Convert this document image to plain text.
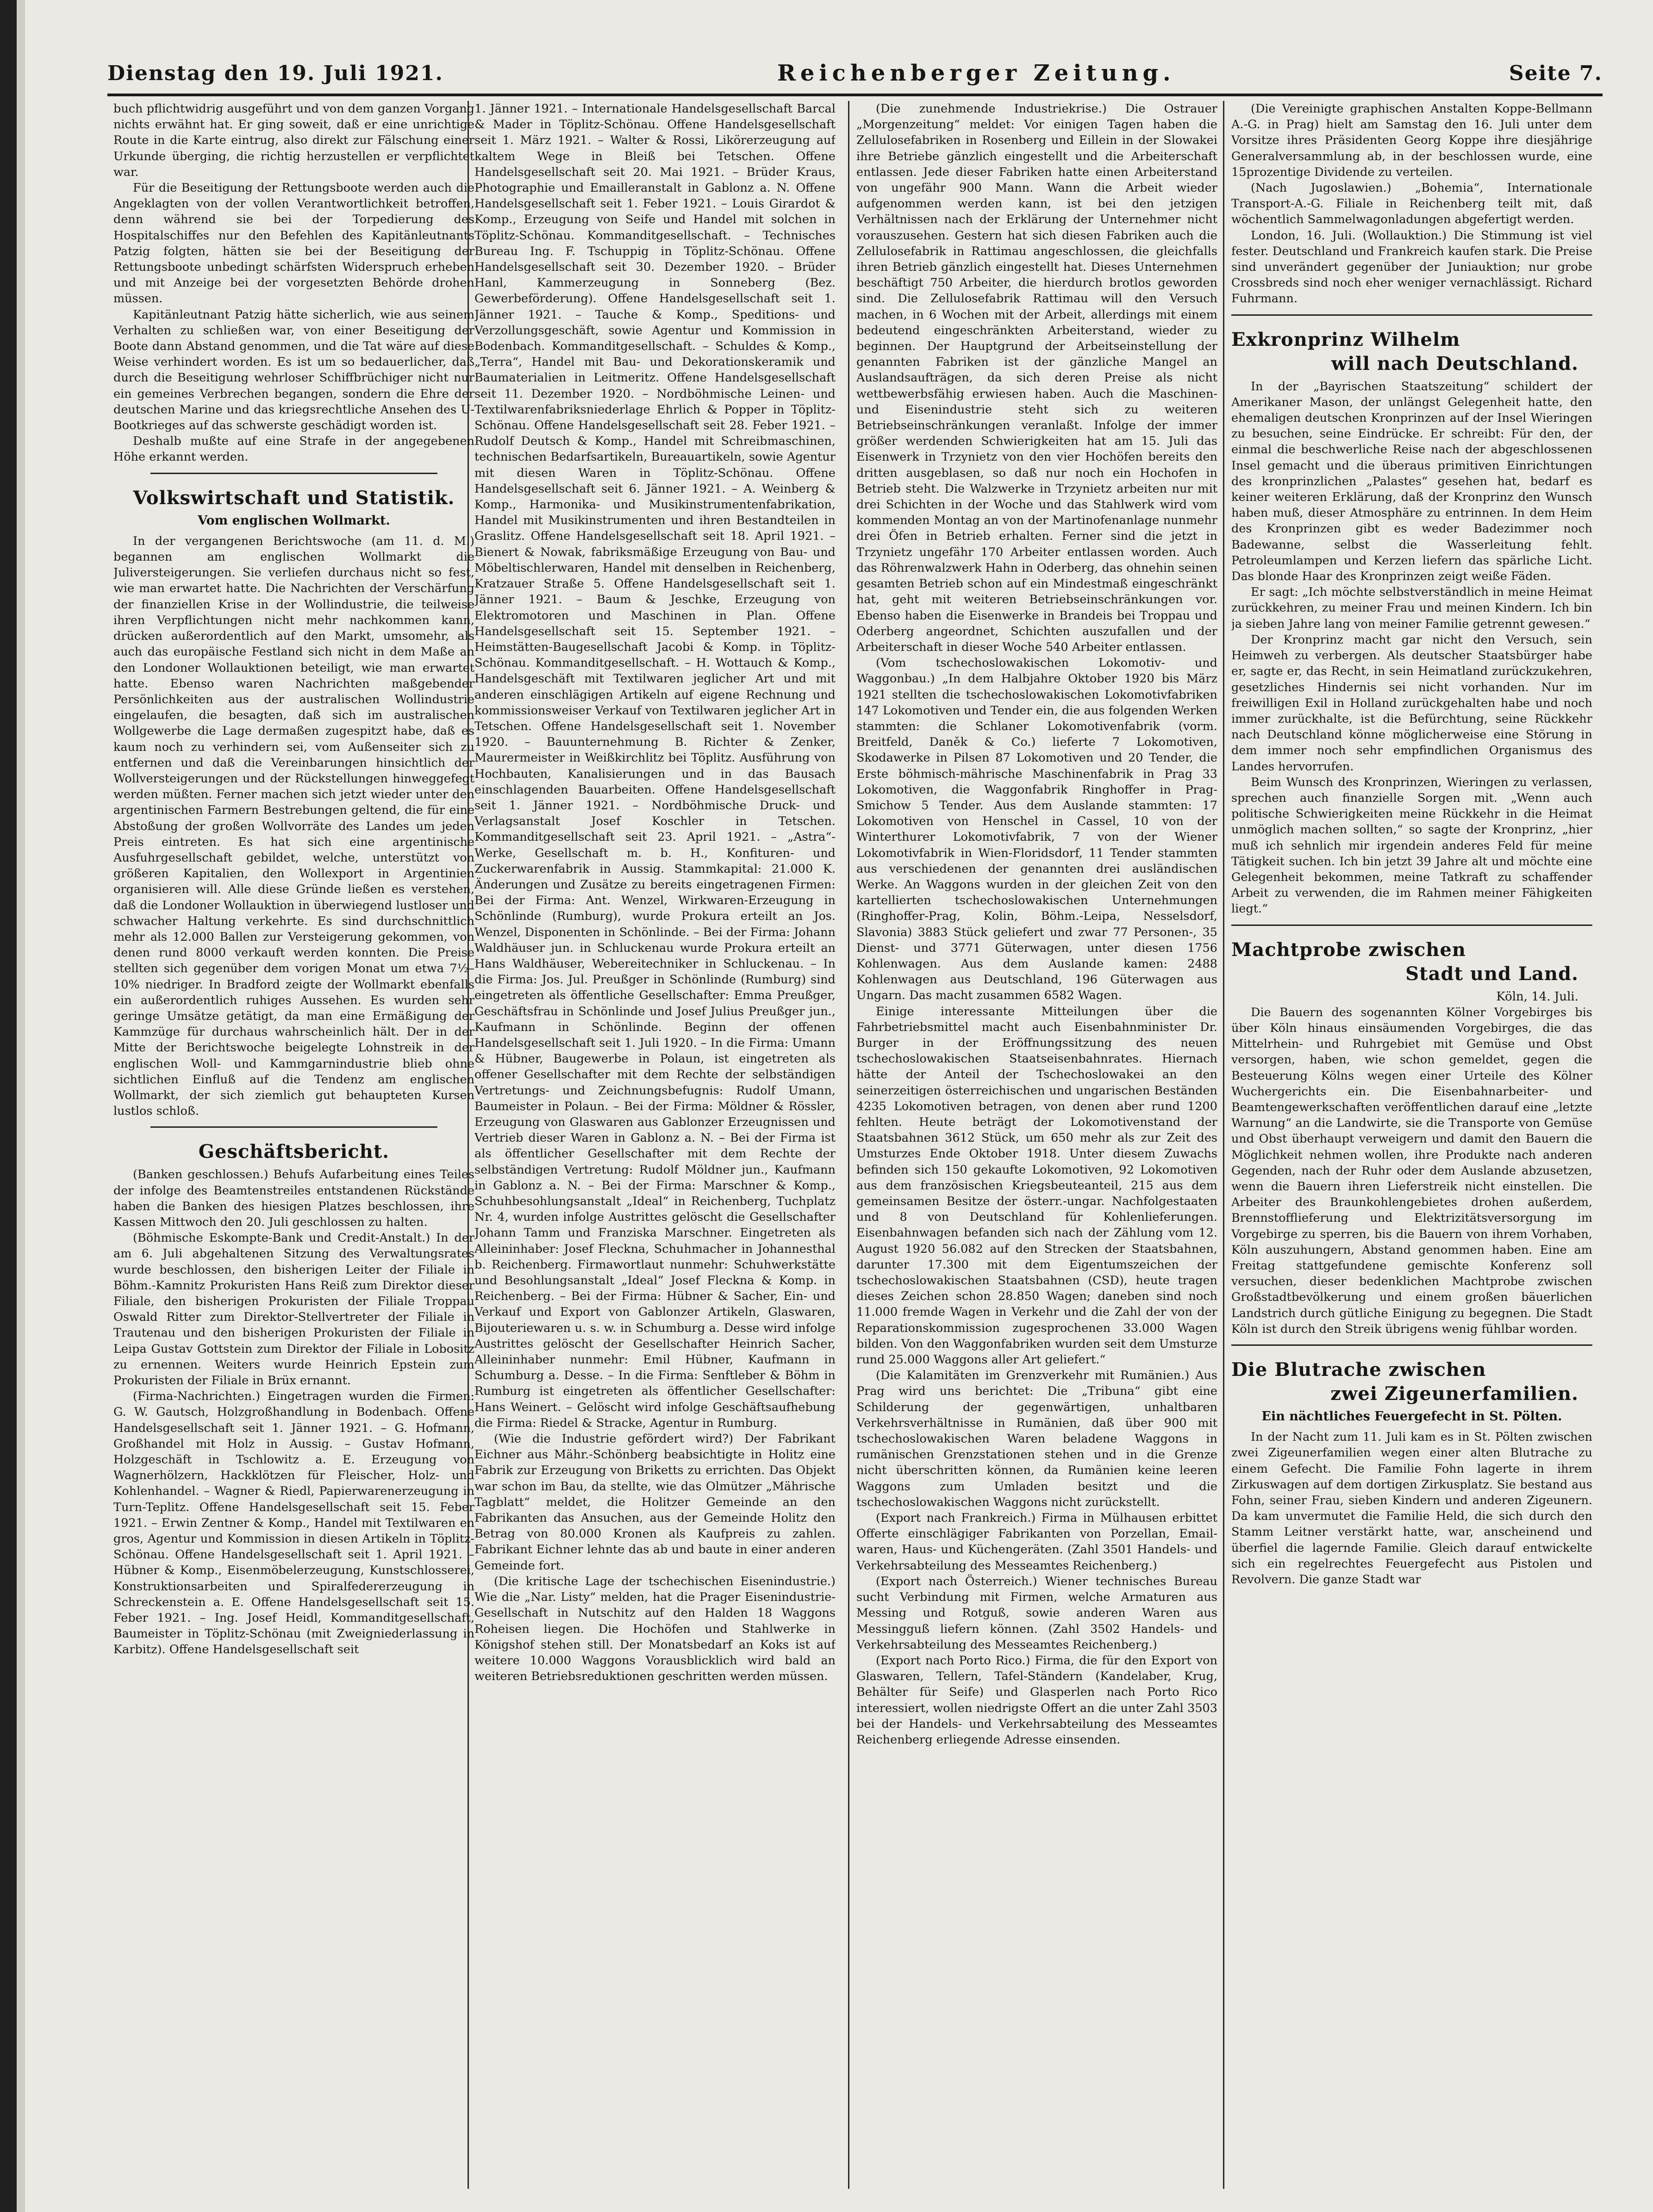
Dienstag den 19. Juli 1921.	Reichenberger Zeitung.	Seite 7.

buch pflichtwidrig ausgeführt und von dem ganzen Vorgang nichts erwähnt hat. Er ging soweit, daß er eine unrichtige Route in die Karte eintrug, also direkt zur Fälschung einer Urkunde überging, die richtig herzustellen er verpflichtet war.

Für die Beseitigung der Rettungsboote werden auch die Angeklagten von der vollen Verantwortlichkeit betroffen, denn während sie bei der Torpedierung des Hospitalschiffes nur den Befehlen des Kapitänleutnants Patzig folgten, hätten sie bei der Beseitigung der Rettungsboote unbedingt schärfsten Widerspruch erheben und mit Anzeige bei der vorgesetzten Behörde drohen müssen.

Kapitänleutnant Patzig hätte sicherlich, wie aus seinem Verhalten zu schließen war, von einer Beseitigung der Boote dann Abstand genommen, und die Tat wäre auf diese Weise verhindert worden. Es ist um so bedauerlicher, daß durch die Beseitigung wehrloser Schiffbrüchiger nicht nur ein gemeines Verbrechen begangen, sondern die Ehre der deutschen Marine und das kriegsrechtliche Ansehen des U-Bootkrieges auf das schwerste geschädigt worden ist.

Deshalb mußte auf eine Strafe in der angegebenen Höhe erkannt werden.

Volkswirtschaft und Statistik.
Vom englischen Wollmarkt.

In der vergangenen Berichtswoche (am 11. d. M.) begannen am englischen Wollmarkt die Juliversteigerungen. Sie verliefen durchaus nicht so fest, wie man erwartet hatte. Die Nachrichten der Verschärfung der finanziellen Krise in der Wollindustrie, die teilweise ihren Verpflichtungen nicht mehr nachkommen kann, drücken außerordentlich auf den Markt, umsomehr, als auch das europäische Festland sich nicht in dem Maße an den Londoner Wollauktionen beteiligt, wie man erwartet hatte. Ebenso waren Nachrichten maßgebender Persönlichkeiten aus der australischen Wollindustrie eingelaufen, die besagten, daß sich im australischen Wollgewerbe die Lage dermaßen zugespitzt habe, daß es kaum noch zu verhindern sei, vom Außenseiter sich zu entfernen und daß die Vereinbarungen hinsichtlich der Wollversteigerungen und der Rückstellungen hinweggefegt werden müßten. Ferner machen sich jetzt wieder unter den argentinischen Farmern Bestrebungen geltend, die für eine Abstoßung der großen Wollvorräte des Landes um jeden Preis eintreten. Es hat sich eine argentinische Ausfuhrgesellschaft gebildet, welche, unterstützt von größeren Kapitalien, den Wollexport in Argentinien organisieren will. Alle diese Gründe ließen es verstehen, daß die Londoner Wollauktion in überwiegend lustloser und schwacher Haltung verkehrte. Es sind durchschnittlich mehr als 12.000 Ballen zur Versteigerung gekommen, von denen rund 8000 verkauft werden konnten. Die Preise stellten sich gegenüber dem vorigen Monat um etwa 7½–10% niedriger. In Bradford zeigte der Wollmarkt ebenfalls ein außerordentlich ruhiges Aussehen. Es wurden sehr geringe Umsätze getätigt, da man eine Ermäßigung der Kammzüge für durchaus wahrscheinlich hält. Der in der Mitte der Berichtswoche beigelegte Lohnstreik in der englischen Woll- und Kammgarnindustrie blieb ohne sichtlichen Einfluß auf die Tendenz am englischen Wollmarkt, der sich ziemlich gut behaupteten Kursen lustlos schloß.

Geschäftsbericht.

(Banken geschlossen.) Behufs Aufarbeitung eines Teiles der infolge des Beamtenstreiles entstandenen Rückstände haben die Banken des hiesigen Platzes beschlossen, ihre Kassen Mittwoch den 20. Juli geschlossen zu halten.

(Böhmische Eskompte-Bank und Credit-Anstalt.) In der am 6. Juli abgehaltenen Sitzung des Verwaltungsrates wurde beschlossen, den bisherigen Leiter der Filiale in Böhm.-Kamnitz Prokuristen Hans Reiß zum Direktor dieser Filiale, den bisherigen Prokuristen der Filiale Troppau Oswald Ritter zum Direktor-Stellvertreter der Filiale in Trautenau und den bisherigen Prokuristen der Filiale in Leipa Gustav Gottstein zum Direktor der Filiale in Lobositz zu ernennen. Weiters wurde Heinrich Epstein zum Prokuristen der Filiale in Brüx ernannt.

(Firma-Nachrichten.) Eingetragen wurden die Firmen: G. W. Gautsch, Holzgroßhandlung in Bodenbach. Offene Handelsgesellschaft seit 1. Jänner 1921. – G. Hofmann, Großhandel mit Holz in Aussig. – Gustav Hofmann, Holzgeschäft in Tschlowitz a. E. Erzeugung von Wagnerhölzern, Hackklötzen für Fleischer, Holz- und Kohlenhandel. – Wagner & Riedl, Papierwarenerzeugung in Turn-Teplitz. Offene Handelsgesellschaft seit 15. Feber 1921. – Erwin Zentner & Komp., Handel mit Textilwaren en gros, Agentur und Kommission in diesen Artikeln in Töplitz-Schönau. Offene Handelsgesellschaft seit 1. April 1921. – Hübner & Komp., Eisenmöbelerzeugung, Kunstschlosserei, Konstruktionsarbeiten und Spiralfedererzeugung in Schreckenstein a. E. Offene Handelsgesellschaft seit 15. Feber 1921. – Ing. Josef Heidl, Kommanditgesellschaft, Baumeister in Töplitz-Schönau (mit Zweigniederlassung in Karbitz). Offene Handelsgesellschaft seit

1. Jänner 1921. – Internationale Handelsgesellschaft Barcal & Mader in Töplitz-Schönau. Offene Handelsgesellschaft seit 1. März 1921. – Walter & Rossi, Likörerzeugung auf kaltem Wege in Bleiß bei Tetschen. Offene Handelsgesellschaft seit 20. Mai 1921. – Brüder Kraus, Photographie und Emailleranstalt in Gablonz a. N. Offene Handelsgesellschaft seit 1. Feber 1921. – Louis Girardot & Komp., Erzeugung von Seife und Handel mit solchen in Töplitz-Schönau. Kommanditgesellschaft. – Technisches Bureau Ing. F. Tschuppig in Töplitz-Schönau. Offene Handelsgesellschaft seit 30. Dezember 1920. – Brüder Hanl, Kammerzeugung in Sonneberg (Bez. Gewerbeförderung). Offene Handelsgesellschaft seit 1. Jänner 1921. – Tauche & Komp., Speditions- und Verzollungsgeschäft, sowie Agentur und Kommission in Bodenbach. Kommanditgesellschaft. – Schuldes & Komp., „Terra“, Handel mit Bau- und Dekorationskeramik und Baumaterialien in Leitmeritz. Offene Handelsgesellschaft seit 11. Dezember 1920. – Nordböhmische Leinen- und Textilwarenfabriksniederlage Ehrlich & Popper in Töplitz-Schönau. Offene Handelsgesellschaft seit 28. Feber 1921. – Rudolf Deutsch & Komp., Handel mit Schreibmaschinen, technischen Bedarfsartikeln, Bureauartikeln, sowie Agentur mit diesen Waren in Töplitz-Schönau. Offene Handelsgesellschaft seit 6. Jänner 1921. – A. Weinberg & Komp., Harmonika- und Musikinstrumentenfabrikation, Handel mit Musikinstrumenten und ihren Bestandteilen in Graslitz. Offene Handelsgesellschaft seit 18. April 1921. – Bienert & Nowak, fabriksmäßige Erzeugung von Bau- und Möbeltischlerwaren, Handel mit denselben in Reichenberg, Kratzauer Straße 5. Offene Handelsgesellschaft seit 1. Jänner 1921. – Baum & Jeschke, Erzeugung von Elektromotoren und Maschinen in Plan. Offene Handelsgesellschaft seit 15. September 1921. – Heimstätten-Baugesellschaft Jacobi & Komp. in Töplitz-Schönau. Kommanditgesellschaft. – H. Wottauch & Komp., Handelsgeschäft mit Textilwaren jeglicher Art und mit anderen einschlägigen Artikeln auf eigene Rechnung und kommissionsweiser Verkauf von Textilwaren jeglicher Art in Tetschen. Offene Handelsgesellschaft seit 1. November 1920. – Bauunternehmung B. Richter & Zenker, Maurermeister in Weißkirchlitz bei Töplitz. Ausführung von Hochbauten, Kanalisierungen und in das Bausach einschlagenden Bauarbeiten. Offene Handelsgesellschaft seit 1. Jänner 1921. – Nordböhmische Druck- und Verlagsanstalt Josef Koschler in Tetschen. Kommanditgesellschaft seit 23. April 1921. – „Astra“-Werke, Gesellschaft m. b. H., Konfituren- und Zuckerwarenfabrik in Aussig. Stammkapital: 21.000 K. Änderungen und Zusätze zu bereits eingetragenen Firmen: Bei der Firma: Ant. Wenzel, Wirkwaren-Erzeugung in Schönlinde (Rumburg), wurde Prokura erteilt an Jos. Wenzel, Disponenten in Schönlinde. – Bei der Firma: Johann Waldhäuser jun. in Schluckenau wurde Prokura erteilt an Hans Waldhäuser, Webereitechniker in Schluckenau. – In die Firma: Jos. Jul. Preußger in Schönlinde (Rumburg) sind eingetreten als öffentliche Gesellschafter: Emma Preußger, Geschäftsfrau in Schönlinde und Josef Julius Preußger jun., Kaufmann in Schönlinde. Beginn der offenen Handelsgesellschaft seit 1. Juli 1920. – In die Firma: Umann & Hübner, Baugewerbe in Polaun, ist eingetreten als offener Gesellschafter mit dem Rechte der selbständigen Vertretungs- und Zeichnungsbefugnis: Rudolf Umann, Baumeister in Polaun. – Bei der Firma: Möldner & Rössler, Erzeugung von Glaswaren aus Gablonzer Erzeugnissen und Vertrieb dieser Waren in Gablonz a. N. – Bei der Firma ist als öffentlicher Gesellschafter mit dem Rechte der selbständigen Vertretung: Rudolf Möldner jun., Kaufmann in Gablonz a. N. – Bei der Firma: Marschner & Komp., Schuhbesohlungsanstalt „Ideal“ in Reichenberg, Tuchplatz Nr. 4, wurden infolge Austrittes gelöscht die Gesellschafter Johann Tamm und Franziska Marschner. Eingetreten als Alleininhaber: Josef Flecknа, Schuhmacher in Johannesthal b. Reichenberg. Firmawortlaut nunmehr: Schuhwerkstätte und Besohlungsanstalt „Ideal“ Josef Flecknа & Komp. in Reichenberg. – Bei der Firma: Hübner & Sacher, Ein- und Verkauf und Export von Gablonzer Artikeln, Glaswaren, Bijouteriewaren u. s. w. in Schumburg a. Desse wird infolge Austrittes gelöscht der Gesellschafter Heinrich Sacher, Alleininhaber nunmehr: Emil Hübner, Kaufmann in Schumburg a. Desse. – In die Firma: Senftleber & Böhm in Rumburg ist eingetreten als öffentlicher Gesellschafter: Hans Weinert. – Gelöscht wird infolge Geschäftsaufhebung die Firma: Riedel & Stracke, Agentur in Rumburg.

(Wie die Industrie gefördert wird?) Der Fabrikant Eichner aus Mähr.-Schönberg beabsichtigte in Holitz eine Fabrik zur Erzeugung von Briketts zu errichten. Das Objekt war schon im Bau, da stellte, wie das Olmützer „Mährische Tagblatt“ meldet, die Holitzer Gemeinde an den Fabrikanten das Ansuchen, aus der Gemeinde Holitz den Betrag von 80.000 Kronen als Kaufpreis zu zahlen. Fabrikant Eichner lehnte das ab und baute in einer anderen Gemeinde fort.

(Die kritische Lage der tschechischen Eisenindustrie.) Wie die „Nar. Listy“ melden, hat die Prager Eisenindustrie-Gesellschaft in Nutschitz auf den Halden 18 Waggons Roheisen liegen. Die Hochöfen und Stahlwerke in Königshof stehen still. Der Monatsbedarf an Koks ist auf weitere 10.000 Waggons Vorausblicklich wird bald an weiteren Betriebsreduktionen geschritten werden müssen.

(Die zunehmende Industriekrise.) Die Ostrauer „Morgenzeitung“ meldet: Vor einigen Tagen haben die Zellulosefabriken in Rosenberg und Eillein in der Slowakei ihre Betriebe gänzlich eingestellt und die Arbeiterschaft entlassen. Jede dieser Fabriken hatte einen Arbeiterstand von ungefähr 900 Mann. Wann die Arbeit wieder aufgenommen werden kann, ist bei den jetzigen Verhältnissen nach der Erklärung der Unternehmer nicht vorauszusehen. Gestern hat sich diesen Fabriken auch die Zellulosefabrik in Rattimau angeschlossen, die gleichfalls ihren Betrieb gänzlich eingestellt hat. Dieses Unternehmen beschäftigt 750 Arbeiter, die hierdurch brotlos geworden sind. Die Zellulosefabrik Rattimau will den Versuch machen, in 6 Wochen mit der Arbeit, allerdings mit einem bedeutend eingeschränkten Arbeiterstand, wieder zu beginnen. Der Hauptgrund der Arbeitseinstellung der genannten Fabriken ist der gänzliche Mangel an Auslandsaufträgen, da sich deren Preise als nicht wettbewerbsfähig erwiesen haben. Auch die Maschinen- und Eisenindustrie steht sich zu weiteren Betriebseinschränkungen veranlaßt. Infolge der immer größer werdenden Schwierigkeiten hat am 15. Juli das Eisenwerk in Trzynietz von den vier Hochöfen bereits den dritten ausgeblasen, so daß nur noch ein Hochofen in Betrieb steht. Die Walzwerke in Trzynietz arbeiten nur mit drei Schichten in der Woche und das Stahlwerk wird vom kommenden Montag an von der Martinofenanlage nunmehr drei Öfen in Betrieb erhalten. Ferner sind die jetzt in Trzynietz ungefähr 170 Arbeiter entlassen worden. Auch das Röhrenwalzwerk Hahn in Oderberg, das ohnehin seinen gesamten Betrieb schon auf ein Mindestmaß eingeschränkt hat, geht mit weiteren Betriebseinschränkungen vor. Ebenso haben die Eisenwerke in Brandeis bei Troppau und Oderberg angeordnet, Schichten auszufallen und der Arbeiterschaft in dieser Woche 540 Arbeiter entlassen.

(Vom tschechoslowakischen Lokomotiv- und Waggonbau.) „In dem Halbjahre Oktober 1920 bis März 1921 stellten die tschechoslowakischen Lokomotivfabriken 147 Lokomotiven und Tender ein, die aus folgenden Werken stammten: die Schlaner Lokomotivenfabrik (vorm. Breitfeld, Daněk & Co.) lieferte 7 Lokomotiven, Skodawerke in Pilsen 87 Lokomotiven und 20 Tender, die Erste böhmisch-mährische Maschinenfabrik in Prag 33 Lokomotiven, die Waggonfabrik Ringhoffer in Prag-Smichow 5 Tender. Aus dem Auslande stammten: 17 Lokomotiven von Henschel in Cassel, 10 von der Winterthurer Lokomotivfabrik, 7 von der Wiener Lokomotivfabrik in Wien-Floridsdorf, 11 Tender stammten aus verschiedenen der genannten drei ausländischen Werke. An Waggons wurden in der gleichen Zeit von den kartellierten tschechoslowakischen Unternehmungen (Ringhoffer-Prag, Kolin, Böhm.-Leipa, Nesselsdorf, Slavonia) 3883 Stück geliefert und zwar 77 Personen-, 35 Dienst- und 3771 Güterwagen, unter diesen 1756 Kohlenwagen. Aus dem Auslande kamen: 2488 Kohlenwagen aus Deutschland, 196 Güterwagen aus Ungarn. Das macht zusammen 6582 Wagen.

Einige interessante Mitteilungen über die Fahrbetriebsmittel macht auch Eisenbahnminister Dr. Burger in der Eröffnungssitzung des neuen tschechoslowakischen Staatseisenbahnrates. Hiernach hätte der Anteil der Tschechoslowakei an den seinerzeitigen österreichischen und ungarischen Beständen 4235 Lokomotiven betragen, von denen aber rund 1200 fehlten. Heute beträgt der Lokomotivenstand der Staatsbahnen 3612 Stück, um 650 mehr als zur Zeit des Umsturzes Ende Oktober 1918. Unter diesem Zuwachs befinden sich 150 gekaufte Lokomotiven, 92 Lokomotiven aus dem französischen Kriegsbeuteanteil, 215 aus dem gemeinsamen Besitze der österr.-ungar. Nachfolgestaaten und 8 von Deutschland für Kohlenlieferungen. Eisenbahnwagen befanden sich nach der Zählung vom 12. August 1920 56.082 auf den Strecken der Staatsbahnen, darunter 17.300 mit dem Eigentumszeichen der tschechoslowakischen Staatsbahnen (CSD), heute tragen dieses Zeichen schon 28.850 Wagen; daneben sind noch 11.000 fremde Wagen in Verkehr und die Zahl der von der Reparationskommission zugesprochenen 33.000 Wagen bilden. Von den Waggonfabriken wurden seit dem Umsturze rund 25.000 Waggons aller Art geliefert.“

(Die Kalamitäten im Grenzverkehr mit Rumänien.) Aus Prag wird uns berichtet: Die „Tribuna“ gibt eine Schilderung der gegenwärtigen, unhaltbaren Verkehrsverhältnisse in Rumänien, daß über 900 mit tschechoslowakischen Waren beladene Waggons in rumänischen Grenzstationen stehen und in die Grenze nicht überschritten können, da Rumänien keine leeren Waggons zum Umladen besitzt und die tschechoslowakischen Waggons nicht zurückstellt.

(Export nach Frankreich.) Firma in Mülhausen erbittet Offerte einschlägiger Fabrikanten von Porzellan, Email-waren, Haus- und Küchengeräten. (Zahl 3501 Handels- und Verkehrsabteilung des Messeamtes Reichenberg.)

(Export nach Österreich.) Wiener technisches Bureau sucht Verbindung mit Firmen, welche Armaturen aus Messing und Rotguß, sowie anderen Waren aus Messingguß liefern können. (Zahl 3502 Handels- und Verkehrsabteilung des Messeamtes Reichenberg.)

(Export nach Porto Rico.) Firma, die für den Export von Glaswaren, Tellern, Tafel-Ständern (Kandelaber, Krug, Behälter für Seife) und Glasperlen nach Porto Rico interessiert, wollen niedrigste Offert an die unter Zahl 3503 bei der Handels- und Verkehrsabteilung des Messeamtes Reichenberg erliegende Adresse einsenden.

(Die Vereinigte graphischen Anstalten Koppe-Bellmann A.-G. in Prag) hielt am Samstag den 16. Juli unter dem Vorsitze ihres Präsidenten Georg Koppe ihre diesjährige Generalversammlung ab, in der beschlossen wurde, eine 15prozentige Dividende zu verteilen.

(Nach Jugoslawien.) „Bohemia“, Internationale Transport-A.-G. Filiale in Reichenberg teilt mit, daß wöchentlich Sammelwagonladungen abgefertigt werden.

London, 16. Juli. (Wollauktion.) Die Stimmung ist viel fester. Deutschland und Frankreich kaufen stark. Die Preise sind unverändert gegenüber der Juniauktion; nur grobe Crossbreds sind noch eher weniger vernachlässigt. Richard Fuhrmann.

Exkronprinz Wilhelm
will nach Deutschland.

In der „Bayrischen Staatszeitung“ schildert der Amerikaner Mason, der unlängst Gelegenheit hatte, den ehemaligen deutschen Kronprinzen auf der Insel Wieringen zu besuchen, seine Eindrücke. Er schreibt: Für den, der einmal die beschwerliche Reise nach der abgeschlossenen Insel gemacht und die überaus primitiven Einrichtungen des kronprinzlichen „Palastes“ gesehen hat, bedarf es keiner weiteren Erklärung, daß der Kronprinz den Wunsch haben muß, dieser Atmosphäre zu entrinnen. In dem Heim des Kronprinzen gibt es weder Badezimmer noch Badewanne, selbst die Wasserleitung fehlt. Petroleumlampen und Kerzen liefern das spärliche Licht. Das blonde Haar des Kronprinzen zeigt weiße Fäden.

Er sagt: „Ich möchte selbstverständlich in meine Heimat zurückkehren, zu meiner Frau und meinen Kindern. Ich bin ja sieben Jahre lang von meiner Familie getrennt gewesen.“

Der Kronprinz macht gar nicht den Versuch, sein Heimweh zu verbergen. Als deutscher Staatsbürger habe er, sagte er, das Recht, in sein Heimatland zurückzukehren, gesetzliches Hindernis sei nicht vorhanden. Nur im freiwilligen Exil in Holland zurückgehalten habe und noch immer zurückhalte, ist die Befürchtung, seine Rückkehr nach Deutschland könne möglicherweise eine Störung in dem immer noch sehr empfindlichen Organismus des Landes hervorrufen.

Beim Wunsch des Kronprinzen, Wieringen zu verlassen, sprechen auch finanzielle Sorgen mit. „Wenn auch politische Schwierigkeiten meine Rückkehr in die Heimat unmöglich machen sollten,“ so sagte der Kronprinz, „hier muß ich sehnlich mir irgendein anderes Feld für meine Tätigkeit suchen. Ich bin jetzt 39 Jahre alt und möchte eine Gelegenheit bekommen, meine Tatkraft zu schaffender Arbeit zu verwenden, die im Rahmen meiner Fähigkeiten liegt.“

Machtprobe zwischen
Stadt und Land.
Köln, 14. Juli.

Die Bauern des sogenannten Kölner Vorgebirges bis über Köln hinaus einsäumenden Vorgebirges, die das Mittelrhein- und Ruhrgebiet mit Gemüse und Obst versorgen, haben, wie schon gemeldet, gegen die Besteuerung Kölns wegen einer Urteile des Kölner Wuchergerichts ein. Die Eisenbahnarbeiter- und Beamtengewerkschaften veröffentlichen darauf eine „letzte Warnung“ an die Landwirte, sie die Transporte von Gemüse und Obst überhaupt verweigern und damit den Bauern die Möglichkeit nehmen wollen, ihre Produkte nach anderen Gegenden, nach der Ruhr oder dem Auslande abzusetzen, wenn die Bauern ihren Lieferstreik nicht einstellen. Die Arbeiter des Braunkohlengebietes drohen außerdem, Brennstofflieferung und Elektrizitätsversorgung im Vorgebirge zu sperren, bis die Bauern von ihrem Vorhaben, Köln auszuhungern, Abstand genommen haben. Eine am Freitag stattgefundene gemischte Konferenz soll versuchen, dieser bedenklichen Machtprobe zwischen Großstadtbevölkerung und einem großen bäuerlichen Landstrich durch gütliche Einigung zu begegnen. Die Stadt Köln ist durch den Streik übrigens wenig fühlbar worden.

Die Blutrache zwischen
zwei Zigeunerfamilien.
Ein nächtliches Feuergefecht in St. Pölten.

In der Nacht zum 11. Juli kam es in St. Pölten zwischen zwei Zigeunerfamilien wegen einer alten Blutrache zu einem Gefecht. Die Familie Fohn lagerte in ihrem Zirkuswagen auf dem dortigen Zirkusplatz. Sie bestand aus Fohn, seiner Frau, sieben Kindern und anderen Zigeunern. Da kam unvermutet die Familie Held, die sich durch den Stamm Leitner verstärkt hatte, war, anscheinend und überfiel die lagernde Familie. Gleich darauf entwickelte sich ein regelrechtes Feuergefecht aus Pistolen und Revolvern. Die ganze Stadt war
